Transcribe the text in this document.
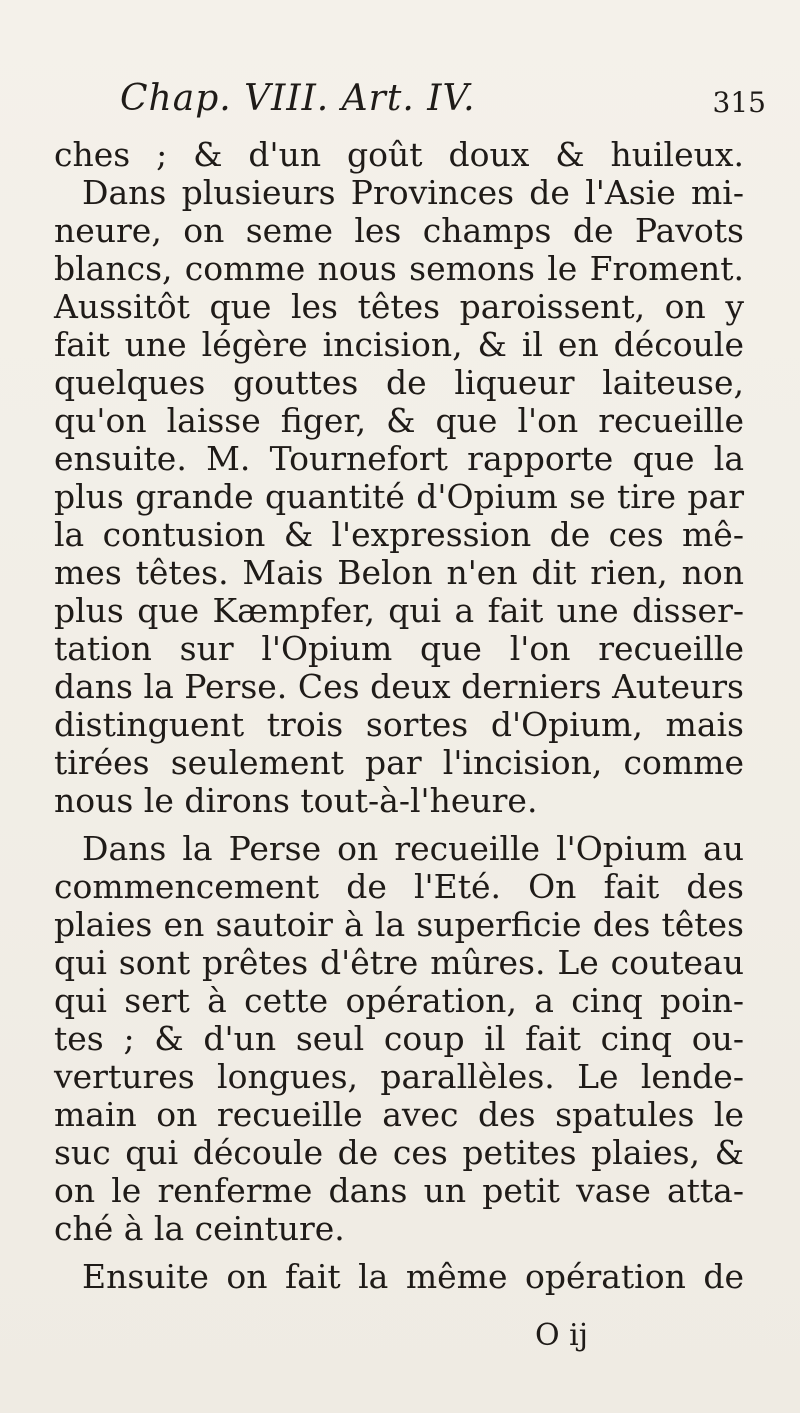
Chap. VIII. Art. IV.	315
ches ; & d'un goût doux & huileux.
Dans plusieurs Provinces de l'Asie mi-
neure, on seme les champs de Pavots
blancs, comme nous semons le Froment.
Aussitôt que les têtes paroissent, on y
fait une légère incision, & il en découle
quelques gouttes de liqueur laiteuse,
qu'on laisse figer, & que l'on recueille
ensuite. M. Tournefort rapporte que la
plus grande quantité d'Opium se tire par
la contusion & l'expression de ces mê-
mes têtes. Mais Belon n'en dit rien, non
plus que Kæmpfer, qui a fait une disser-
tation sur l'Opium que l'on recueille
dans la Perse. Ces deux derniers Auteurs
distinguent trois sortes d'Opium, mais
tirées seulement par l'incision, comme
nous le dirons tout-à-l'heure.
Dans la Perse on recueille l'Opium au
commencement de l'Eté. On fait des
plaies en sautoir à la superficie des têtes
qui sont prêtes d'être mûres. Le couteau
qui sert à cette opération, a cinq poin-
tes ; & d'un seul coup il fait cinq ou-
vertures longues, parallèles. Le lende-
main on recueille avec des spatules le
suc qui découle de ces petites plaies, &
on le renferme dans un petit vase atta-
ché à la ceinture.
Ensuite on fait la même opération de
O ij
